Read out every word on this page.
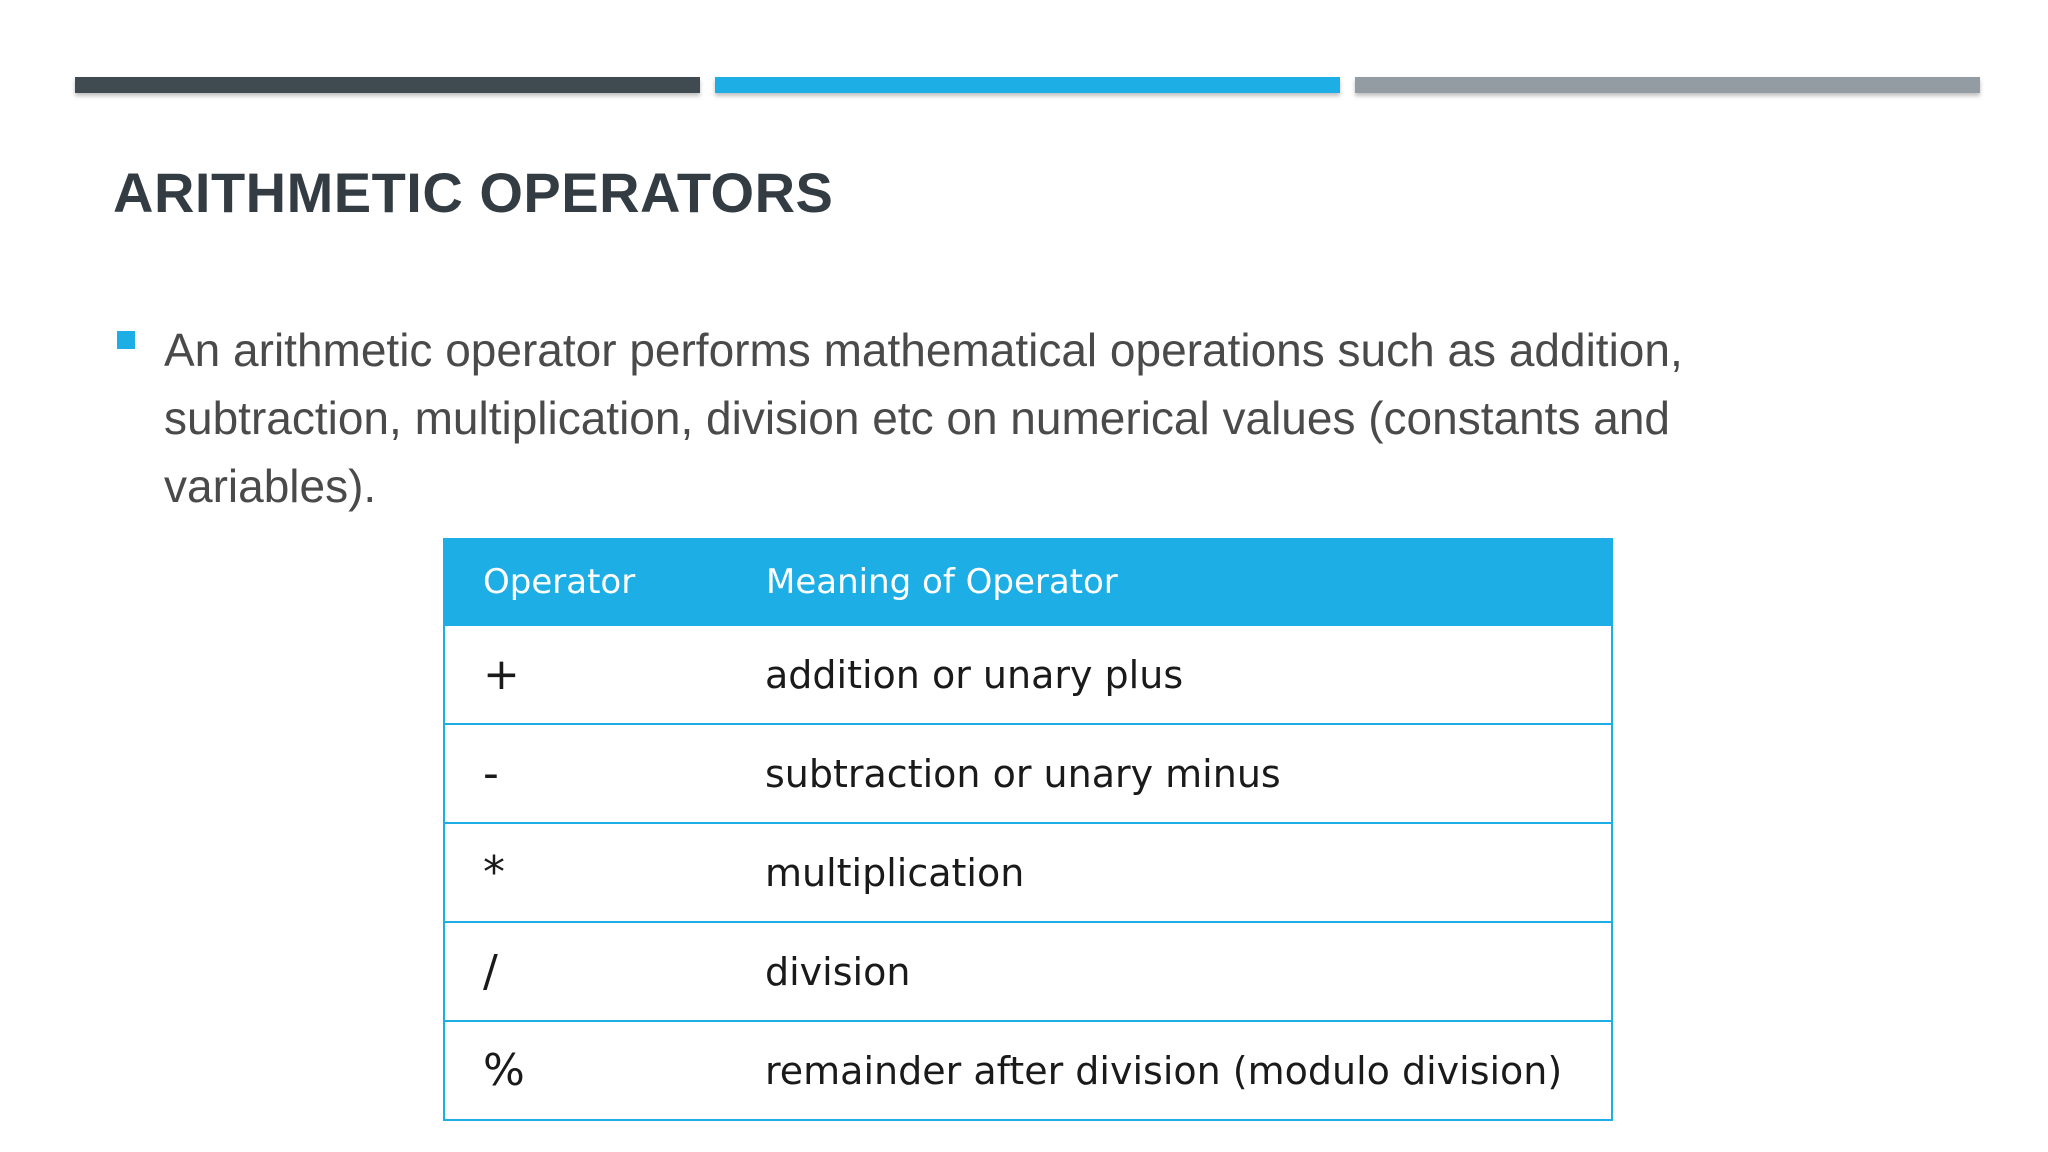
ARITHMETIC OPERATORS

An arithmetic operator performs mathematical operations such as addition, subtraction, multiplication, division etc on numerical values (constants and variables).

Operator	Meaning of Operator
+	addition or unary plus
-	subtraction or unary minus
*	multiplication
/	division
%	remainder after division (modulo division)
